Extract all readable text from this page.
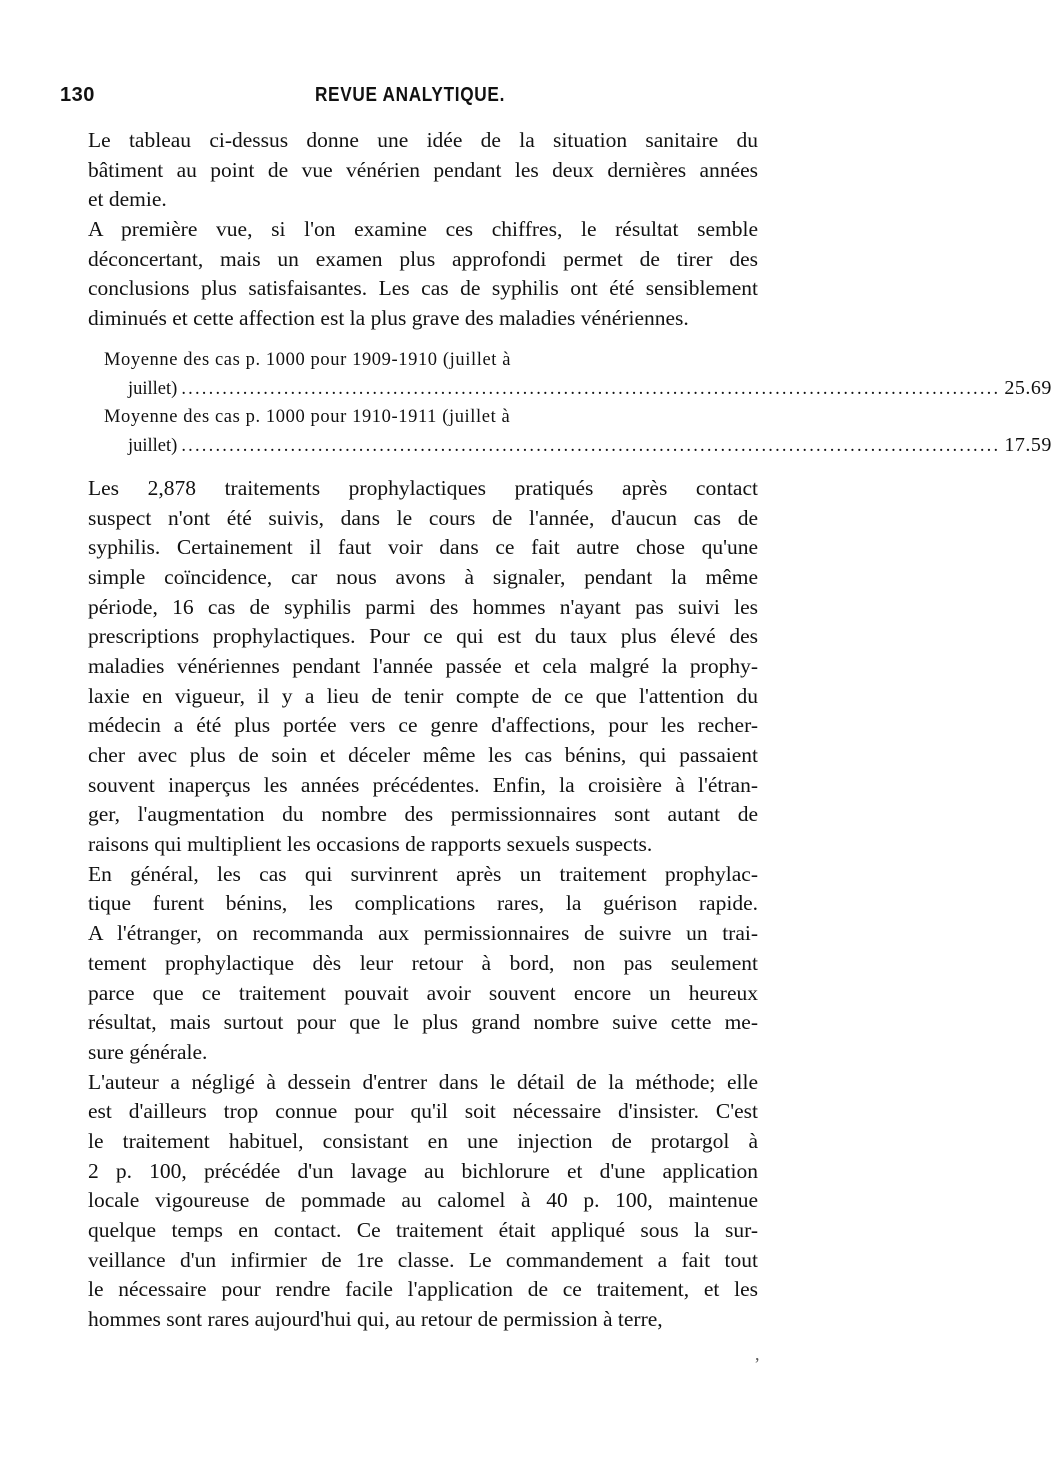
130	REVUE ANALYTIQUE.
Le tableau ci-dessus donne une idée de la situation sanitaire du
bâtiment au point de vue vénérien pendant les deux dernières années
et demie.
A première vue, si l'on examine ces chiffres, le résultat semble
déconcertant, mais un examen plus approfondi permet de tirer des
conclusions plus satisfaisantes. Les cas de syphilis ont été sensiblement
diminués et cette affection est la plus grave des maladies vénériennes.
Moyenne des cas p. 1000 pour 1909-1910 (juillet à
juillet) ........................................................................................................................ 25.69
Moyenne des cas p. 1000 pour 1910-1911 (juillet à
juillet) ........................................................................................................................ 17.59
Les 2,878 traitements prophylactiques pratiqués après contact
suspect n'ont été suivis, dans le cours de l'année, d'aucun cas de
syphilis. Certainement il faut voir dans ce fait autre chose qu'une
simple coïncidence, car nous avons à signaler, pendant la même
période, 16 cas de syphilis parmi des hommes n'ayant pas suivi les
prescriptions prophylactiques. Pour ce qui est du taux plus élevé des
maladies vénériennes pendant l'année passée et cela malgré la prophy-
laxie en vigueur, il y a lieu de tenir compte de ce que l'attention du
médecin a été plus portée vers ce genre d'affections, pour les recher-
cher avec plus de soin et déceler même les cas bénins, qui passaient
souvent inaperçus les années précédentes. Enfin, la croisière à l'étran-
ger, l'augmentation du nombre des permissionnaires sont autant de
raisons qui multiplient les occasions de rapports sexuels suspects.
En général, les cas qui survinrent après un traitement prophylac-
tique furent bénins, les complications rares, la guérison rapide.
A l'étranger, on recommanda aux permissionnaires de suivre un trai-
tement prophylactique dès leur retour à bord, non pas seulement
parce que ce traitement pouvait avoir souvent encore un heureux
résultat, mais surtout pour que le plus grand nombre suive cette me-
sure générale.
L'auteur a négligé à dessein d'entrer dans le détail de la méthode; elle
est d'ailleurs trop connue pour qu'il soit nécessaire d'insister. C'est
le traitement habituel, consistant en une injection de protargol à
2 p. 100, précédée d'un lavage au bichlorure et d'une application
locale vigoureuse de pommade au calomel à 40 p. 100, maintenue
quelque temps en contact. Ce traitement était appliqué sous la sur-
veillance d'un infirmier de 1re classe. Le commandement a fait tout
le nécessaire pour rendre facile l'application de ce traitement, et les
hommes sont rares aujourd'hui qui, au retour de permission à terre,
,
